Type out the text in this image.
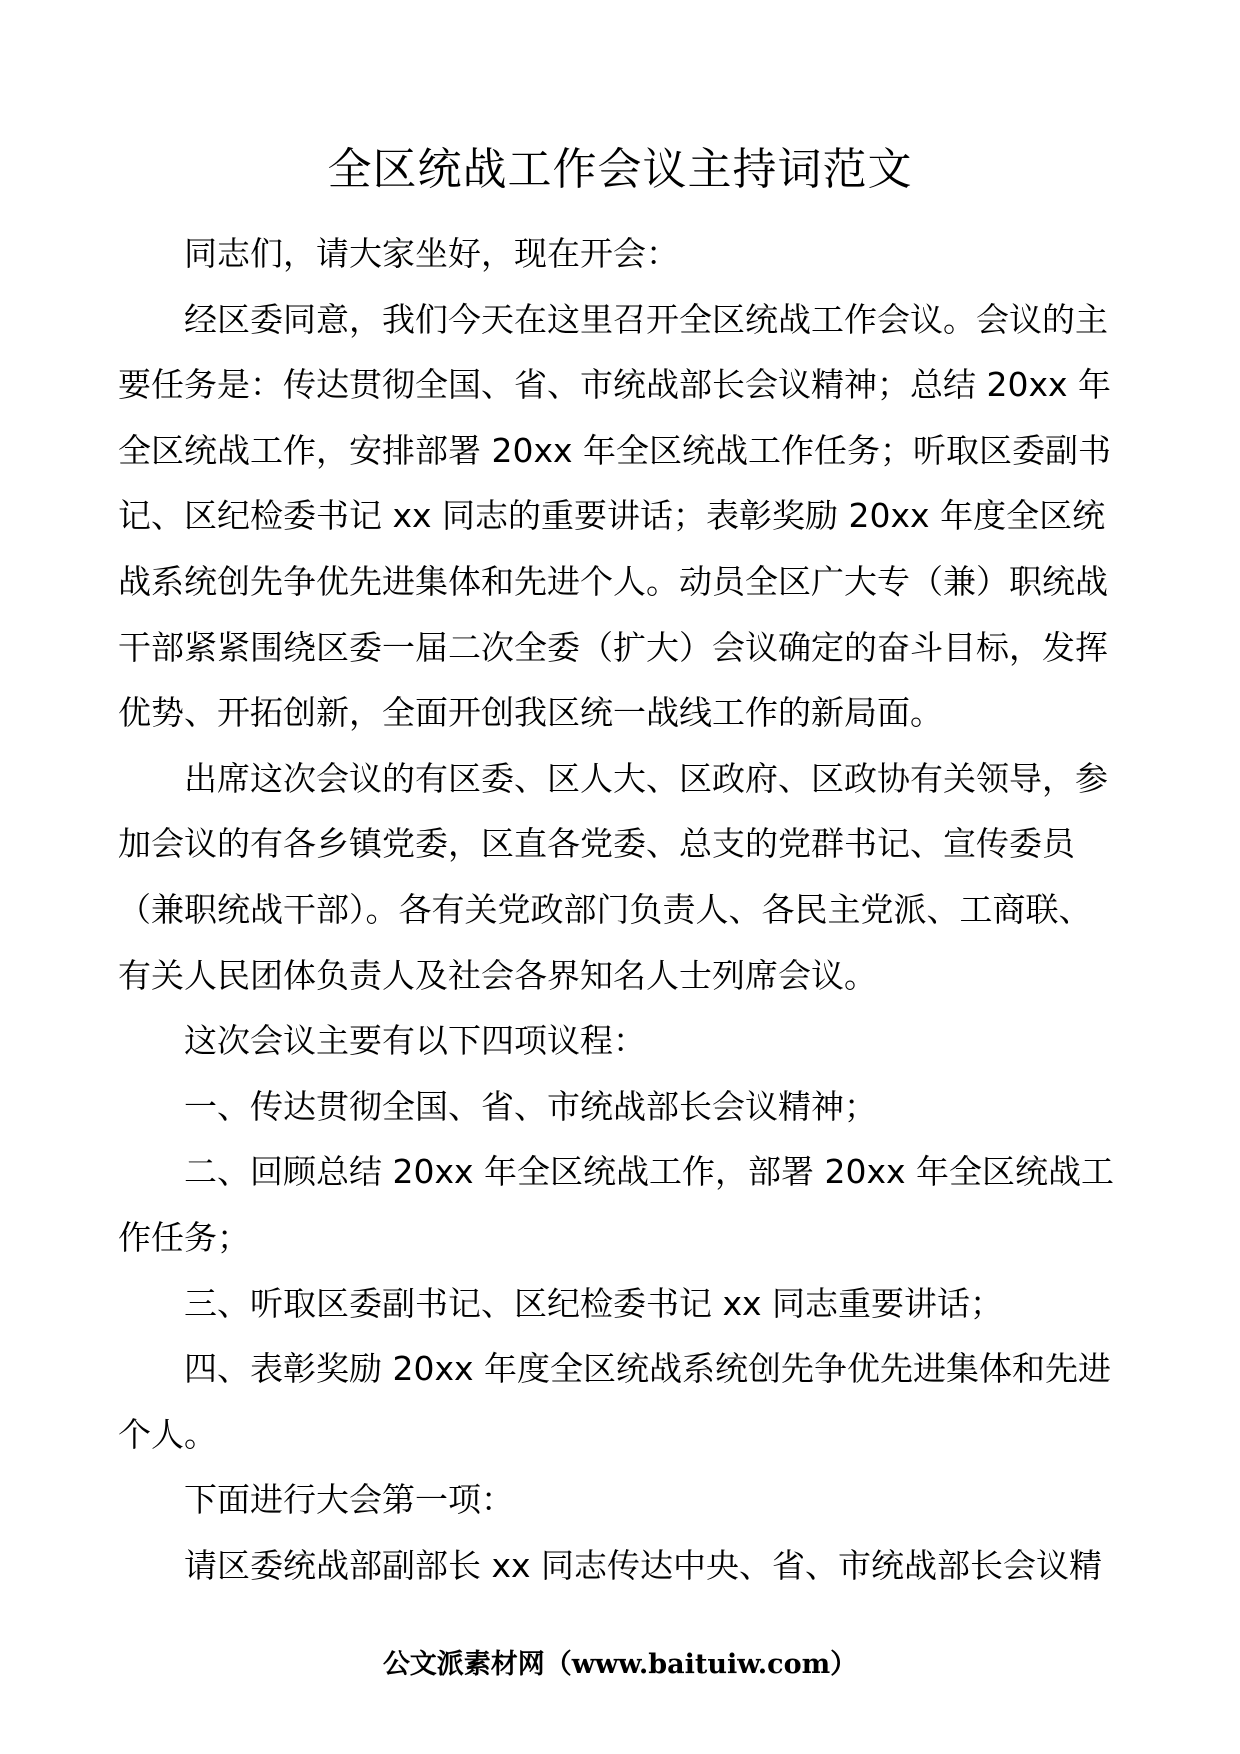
全区统战工作会议主持词范文
同志们，请大家坐好，现在开会：
经区委同意，我们今天在这里召开全区统战工作会议。会议的主
要任务是：传达贯彻全国、省、市统战部长会议精神；总结 20xx 年
全区统战工作，安排部署 20xx 年全区统战工作任务；听取区委副书
记、区纪检委书记 xx 同志的重要讲话；表彰奖励 20xx 年度全区统
战系统创先争优先进集体和先进个人。动员全区广大专（兼）职统战
干部紧紧围绕区委一届二次全委（扩大）会议确定的奋斗目标，发挥
优势、开拓创新，全面开创我区统一战线工作的新局面。
出席这次会议的有区委、区人大、区政府、区政协有关领导，参
加会议的有各乡镇党委，区直各党委、总支的党群书记、宣传委员
（兼职统战干部）。各有关党政部门负责人、各民主党派、工商联、
有关人民团体负责人及社会各界知名人士列席会议。
这次会议主要有以下四项议程：
一、传达贯彻全国、省、市统战部长会议精神；
二、回顾总结 20xx 年全区统战工作，部署 20xx 年全区统战工
作任务；
三、听取区委副书记、区纪检委书记 xx 同志重要讲话；
四、表彰奖励 20xx 年度全区统战系统创先争优先进集体和先进
个人。
下面进行大会第一项：
请区委统战部副部长 xx 同志传达中央、省、市统战部长会议精
公文派素材网（www.baituiw.com）
